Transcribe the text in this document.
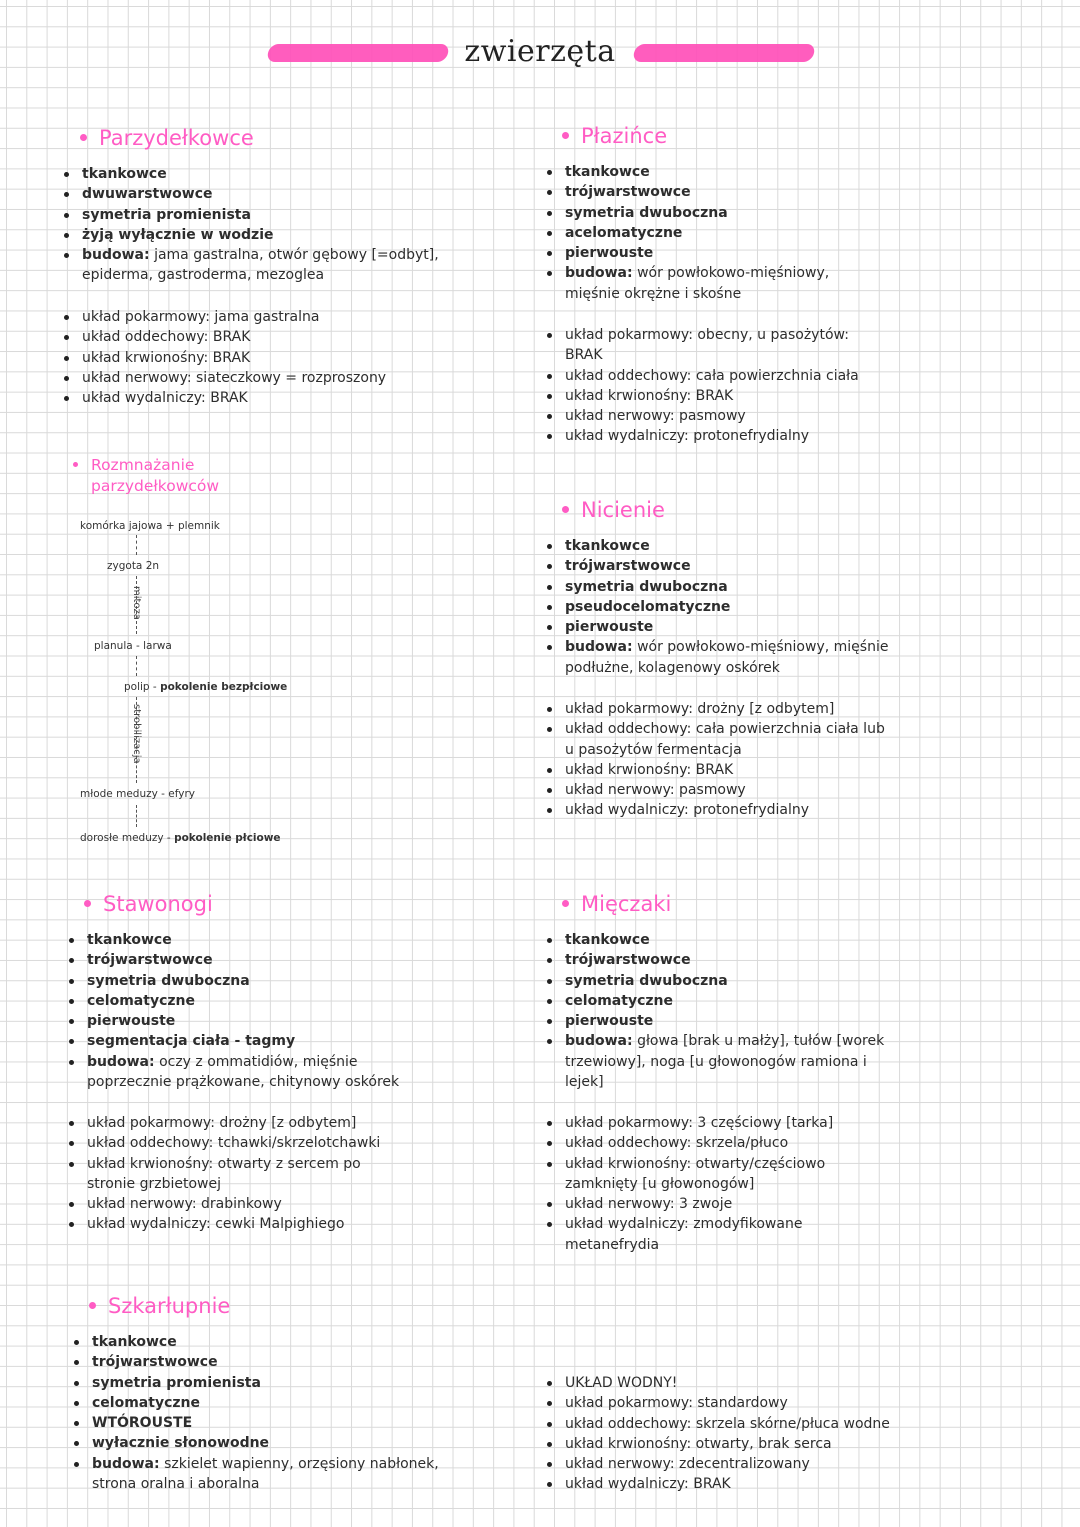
zwierzęta
Parzydełkowce
tkankowce
dwuwarstwowce
symetria promienista
żyją wyłącznie w wodzie
budowa: jama gastralna, otwór gębowy [=odbyt], epiderma, gastroderma, mezoglea
układ pokarmowy: jama gastralna
układ oddechowy: BRAK
układ krwionośny: BRAK
układ nerwowy: siateczkowy = rozproszony
układ wydalniczy: BRAK
Rozmnażanie
parzydełkowców
komórka jajowa + plemnik
zygota 2n
mitoza
planula - larwa
polip - pokolenie bezpłciowe
strobilizacja
młode meduzy - efyry
dorosłe meduzy - pokolenie płciowe
Płazińce
tkankowce
trójwarstwowce
symetria dwuboczna
acelomatyczne
pierwouste
budowa: wór powłokowo-mięśniowy, mięśnie okrężne i skośne
układ pokarmowy: obecny, u pasożytów: BRAK
układ oddechowy: cała powierzchnia ciała
układ krwionośny: BRAK
układ nerwowy: pasmowy
układ wydalniczy: protonefrydialny
Nicienie
tkankowce
trójwarstwowce
symetria dwuboczna
pseudocelomatyczne
pierwouste
budowa: wór powłokowo-mięśniowy, mięśnie podłużne, kolagenowy oskórek
układ pokarmowy: drożny [z odbytem]
układ oddechowy: cała powierzchnia ciała lub u pasożytów fermentacja
układ krwionośny: BRAK
układ nerwowy: pasmowy
układ wydalniczy: protonefrydialny
Stawonogi
tkankowce
trójwarstwowce
symetria dwuboczna
celomatyczne
pierwouste
segmentacja ciała - tagmy
budowa: oczy z ommatidiów, mięśnie poprzecznie prążkowane, chitynowy oskórek
układ pokarmowy: drożny [z odbytem]
układ oddechowy: tchawki/skrzelotchawki
układ krwionośny: otwarty z sercem po stronie grzbietowej
układ nerwowy: drabinkowy
układ wydalniczy: cewki Malpighiego
Mięczaki
tkankowce
trójwarstwowce
symetria dwuboczna
celomatyczne
pierwouste
budowa: głowa [brak u małży], tułów [worek trzewiowy], noga [u głowonogów ramiona i lejek]
układ pokarmowy: 3 częściowy [tarka]
układ oddechowy: skrzela/płuco
układ krwionośny: otwarty/częściowo zamknięty [u głowonogów]
układ nerwowy: 3 zwoje
układ wydalniczy: zmodyfikowane metanefrydia
Szkarłupnie
tkankowce
trójwarstwowce
symetria promienista
celomatyczne
WTÓROUSTE
wyłacznie słonowodne
budowa: szkielet wapienny, orzęsiony nabłonek, strona oralna i aboralna
UKŁAD WODNY!
układ pokarmowy: standardowy
układ oddechowy: skrzela skórne/płuca wodne
układ krwionośny: otwarty, brak serca
układ nerwowy: zdecentralizowany
układ wydalniczy: BRAK
